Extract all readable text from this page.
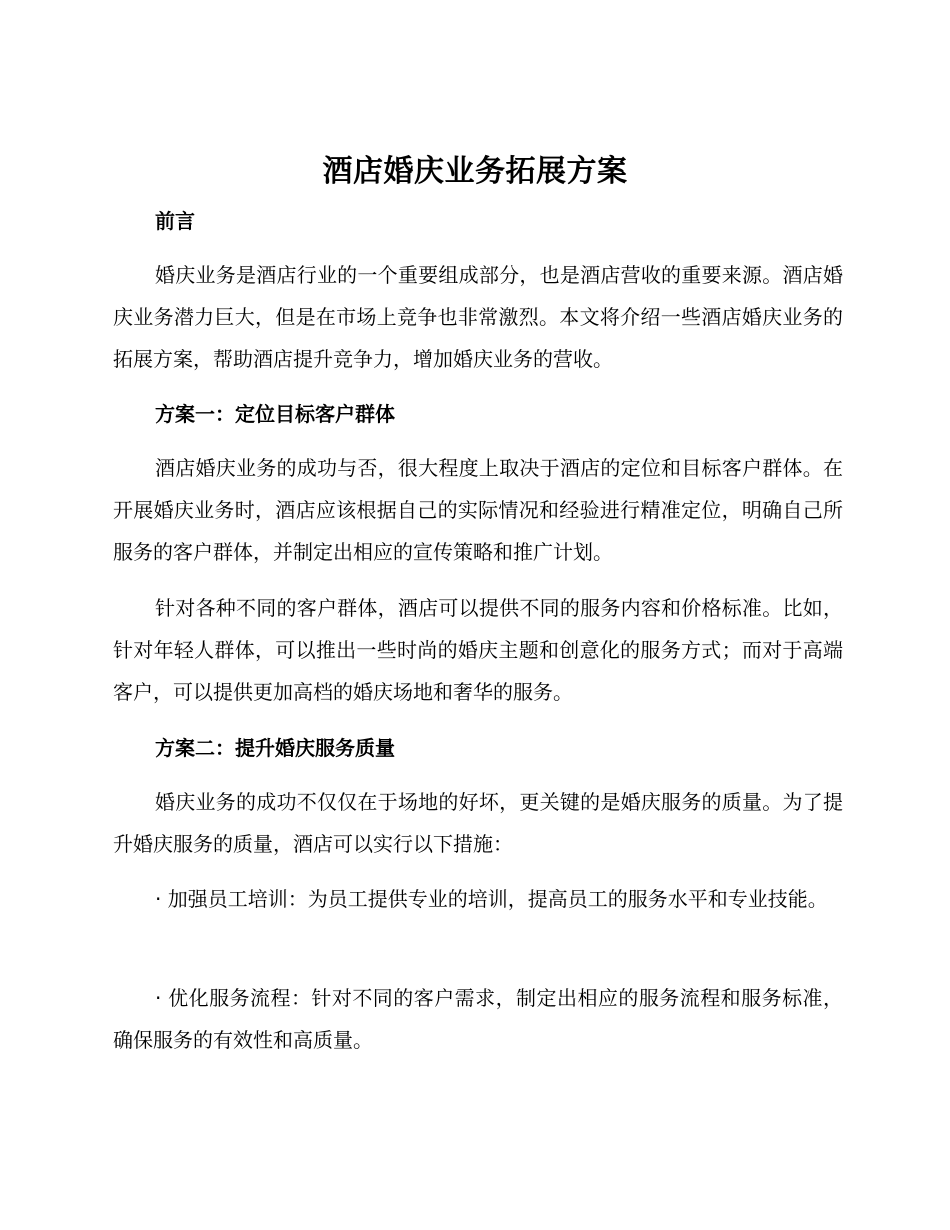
酒店婚庆业务拓展方案
前言

婚庆业务是酒店行业的一个重要组成部分，也是酒店营收的重要来源。酒店婚庆业务潜力巨大，但是在市场上竞争也非常激烈。本文将介绍一些酒店婚庆业务的拓展方案，帮助酒店提升竞争力，增加婚庆业务的营收。

方案一：定位目标客户群体

酒店婚庆业务的成功与否，很大程度上取决于酒店的定位和目标客户群体。在开展婚庆业务时，酒店应该根据自己的实际情况和经验进行精准定位，明确自己所服务的客户群体，并制定出相应的宣传策略和推广计划。

针对各种不同的客户群体，酒店可以提供不同的服务内容和价格标准。比如，针对年轻人群体，可以推出一些时尚的婚庆主题和创意化的服务方式；而对于高端客户，可以提供更加高档的婚庆场地和奢华的服务。

方案二：提升婚庆服务质量

婚庆业务的成功不仅仅在于场地的好坏，更关键的是婚庆服务的质量。为了提升婚庆服务的质量，酒店可以实行以下措施：

· 加强员工培训：为员工提供专业的培训，提高员工的服务水平和专业技能。

· 优化服务流程：针对不同的客户需求，制定出相应的服务流程和服务标准，确保服务的有效性和高质量。
